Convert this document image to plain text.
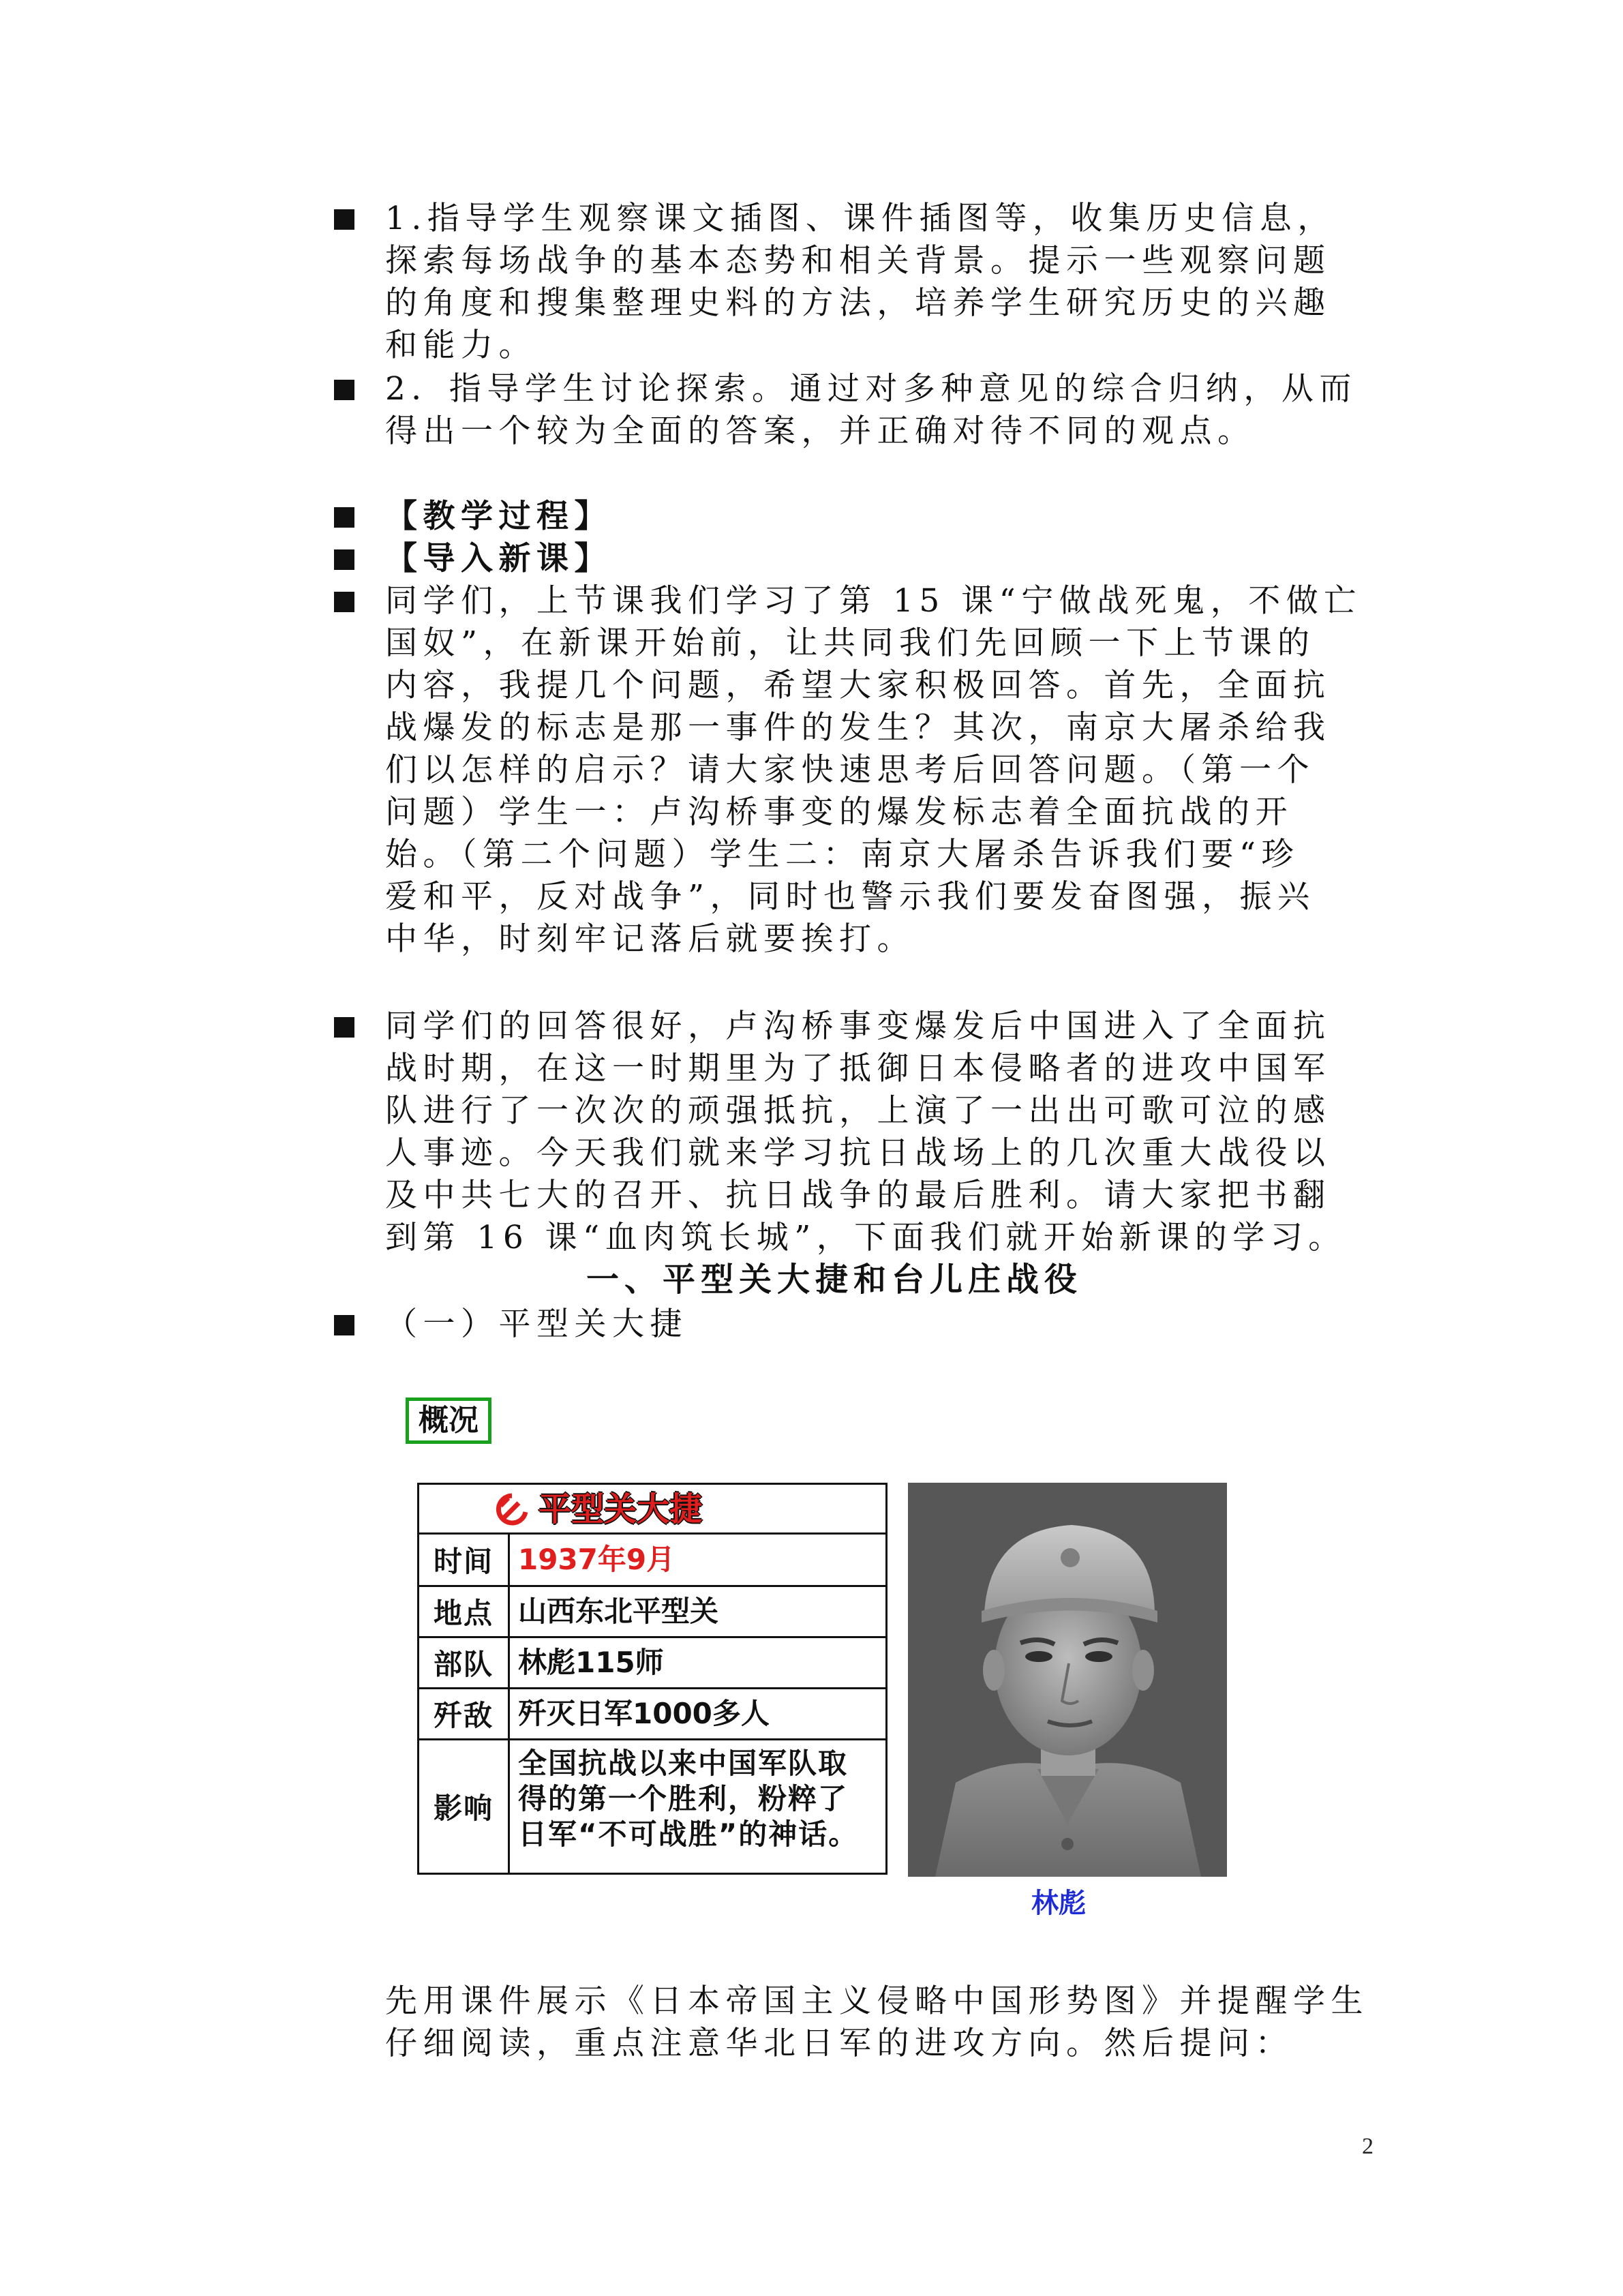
1.指导学生观察课文插图、课件插图等，收集历史信息，
探索每场战争的基本态势和相关背景。提示一些观察问题
的角度和搜集整理史料的方法，培养学生研究历史的兴趣
和能力。
2．指导学生讨论探索。通过对多种意见的综合归纳，从而
得出一个较为全面的答案，并正确对待不同的观点。
【教学过程】
【导入新课】
同学们，上节课我们学习了第 15 课“宁做战死鬼，不做亡
国奴”，在新课开始前，让共同我们先回顾一下上节课的
内容，我提几个问题，希望大家积极回答。首先，全面抗
战爆发的标志是那一事件的发生？其次，南京大屠杀给我
们以怎样的启示？请大家快速思考后回答问题。（第一个
问题）学生一：卢沟桥事变的爆发标志着全面抗战的开
始。（第二个问题）学生二：南京大屠杀告诉我们要“珍
爱和平，反对战争”，同时也警示我们要发奋图强，振兴
中华，时刻牢记落后就要挨打。
同学们的回答很好，卢沟桥事变爆发后中国进入了全面抗
战时期，在这一时期里为了抵御日本侵略者的进攻中国军
队进行了一次次的顽强抵抗，上演了一出出可歌可泣的感
人事迹。今天我们就来学习抗日战场上的几次重大战役以
及中共七大的召开、抗日战争的最后胜利。请大家把书翻
到第 16 课“血肉筑长城”，下面我们就开始新课的学习。
一、平型关大捷和台儿庄战役
（一）平型关大捷
概况
平型关大捷
时间 1937年9月
地点 山西东北平型关
部队 林彪115师
歼敌 歼灭日军1000多人
影响
全国抗战以来中国军队取
得的第一个胜利，粉粹了
日军“不可战胜”的神话。
林彪
先用课件展示《日本帝国主义侵略中国形势图》并提醒学生
仔细阅读，重点注意华北日军的进攻方向。然后提问：
2
